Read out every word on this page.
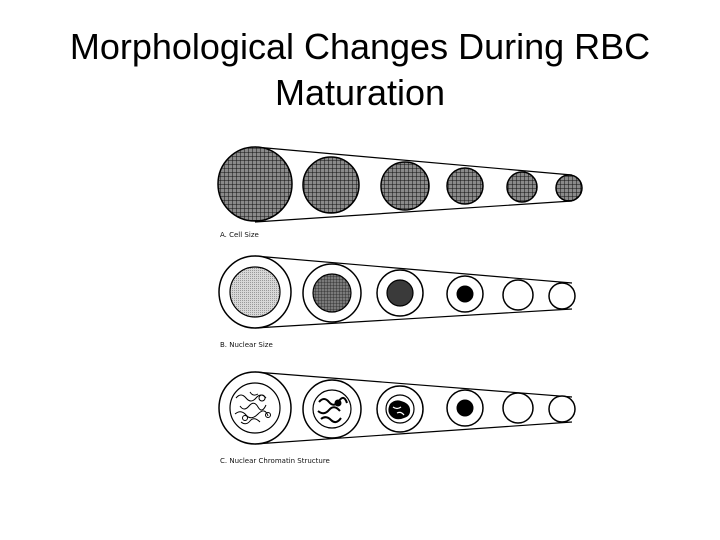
Morphological Changes During RBC
Maturation
A. Cell Size
B. Nuclear Size
C. Nuclear Chromatin Structure
